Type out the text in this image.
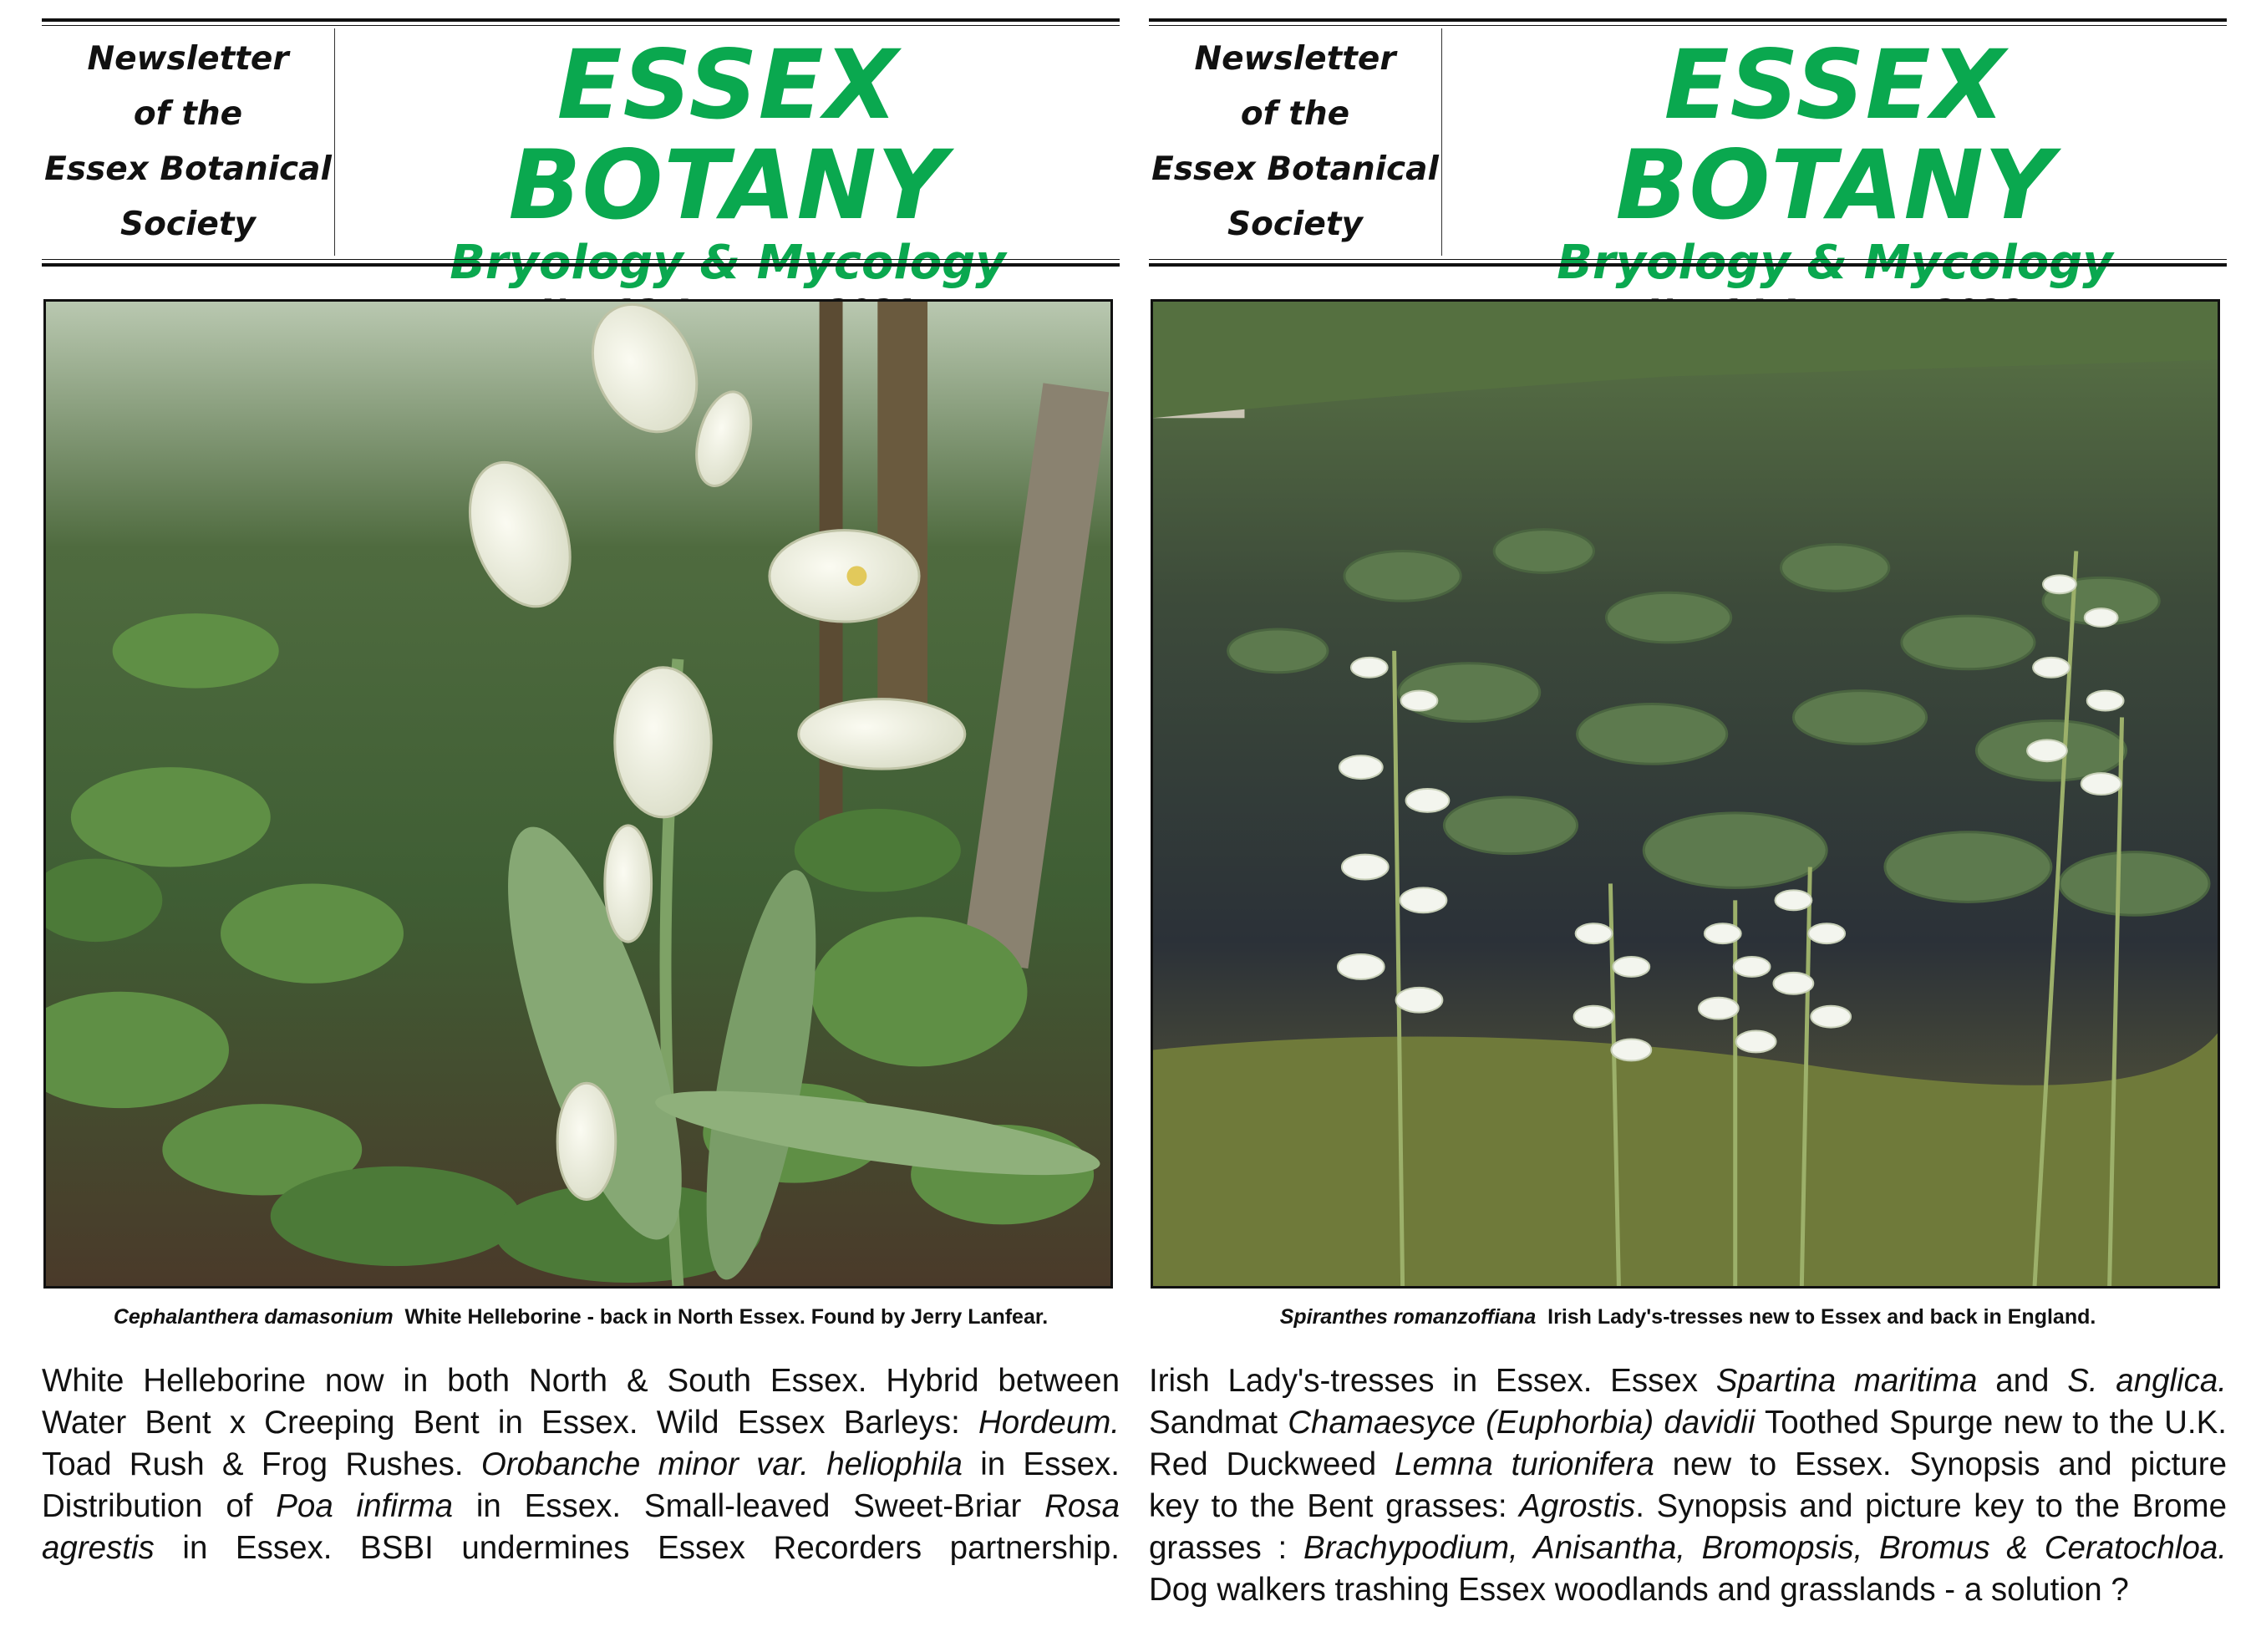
Newsletter
of the
Essex Botanical
Society
ESSEX BOTANY
Bryology & Mycology
Cephalanthera damasonium White Helleborine - back in North Essex. Found by Jerry Lanfear.
White Helleborine now in both North & South Essex. Hybrid between
Water Bent x Creeping Bent in Essex. Wild Essex Barleys: Hordeum.
Toad Rush & Frog Rushes. Orobanche minor var. heliophila in Essex.
Distribution of Poa infirma in Essex. Small-leaved Sweet-Briar Rosa
agrestis in Essex. BSBI undermines Essex Recorders partnership.
Newsletter
of the
Essex Botanical
Society
ESSEX BOTANY
Bryology & Mycology
Spiranthes romanzoffiana Irish Lady's-tresses new to Essex and back in England.
Irish Lady's-tresses in Essex. Essex Spartina maritima and S. anglica.
Sandmat Chamaesyce (Euphorbia) davidii Toothed Spurge new to the U.K.
Red Duckweed Lemna turionifera new to Essex. Synopsis and picture
key to the Bent grasses: Agrostis. Synopsis and picture key to the Brome
grasses : Brachypodium, Anisantha, Bromopsis, Bromus & Ceratochloa.
Dog walkers trashing Essex woodlands and grasslands - a solution ?
